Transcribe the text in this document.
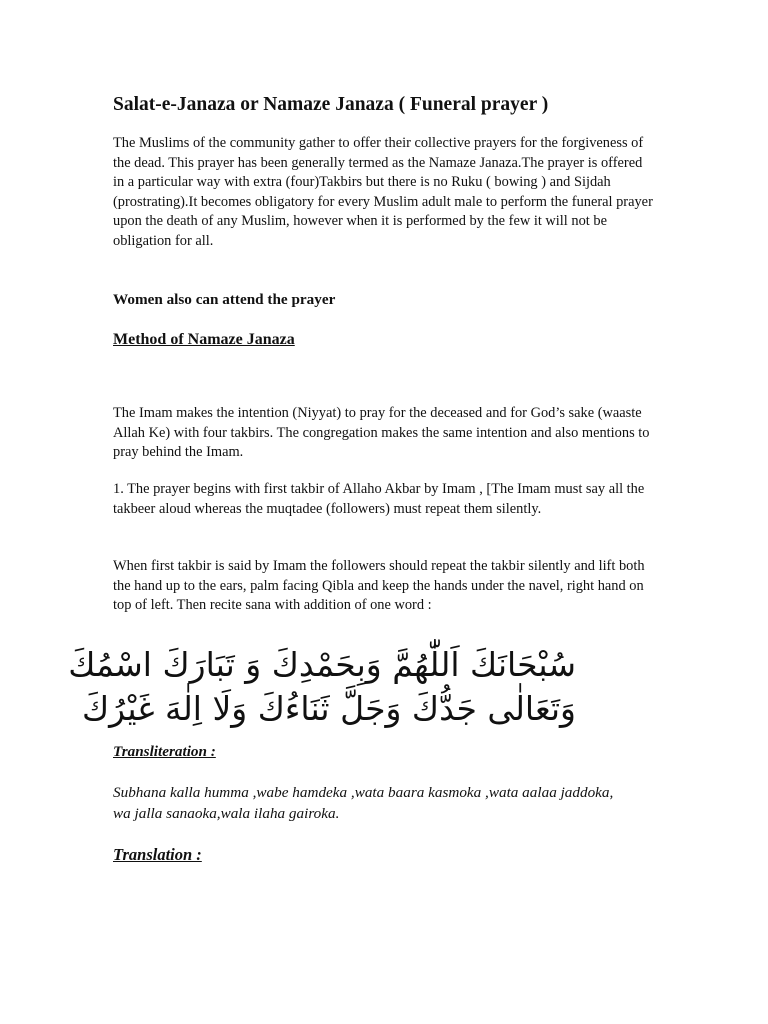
Salat-e-Janaza or Namaze Janaza ( Funeral prayer )

The Muslims of the community gather to offer their collective prayers for the forgiveness of the dead. This prayer has been generally termed as the Namaze Janaza.The prayer is offered in a particular way with extra (four)Takbirs but there is no Ruku ( bowing ) and Sijdah (prostrating).It becomes obligatory for every Muslim adult male to perform the funeral prayer upon the death of any Muslim, however when it is performed by the few it will not be obligation for all.

Women also can attend the prayer
Method of Namaze Janaza

The Imam makes the intention (Niyyat) to pray for the deceased and for God’s sake (waaste Allah Ke) with four takbirs. The congregation makes the same intention and also mentions to pray behind the Imam.

1. The prayer begins with first takbir of Allaho Akbar by Imam , [The Imam must say all the takbeer aloud whereas the muqtadee (followers) must repeat them silently.

When first takbir is said by Imam the followers should repeat the takbir silently and lift both the hand up to the ears, palm facing Qibla and keep the hands under the navel, right hand on top of left. Then recite sana with addition of one word :

سُبْحَانَكَ اَللّٰهُمَّ وَبِحَمْدِكَ وَ تَبَارَكَ اسْمُكَ
وَتَعَالٰى جَدُّكَ وَجَلَّ ثَنَاءُكَ وَلَا اِلٰهَ غَيْرُكَ
Transliteration :

Subhana kalla humma ,wabe hamdeka ,wata baara kasmoka ,wata aalaa jaddoka, wa jalla sanaoka,wala ilaha gairoka.

Translation :
